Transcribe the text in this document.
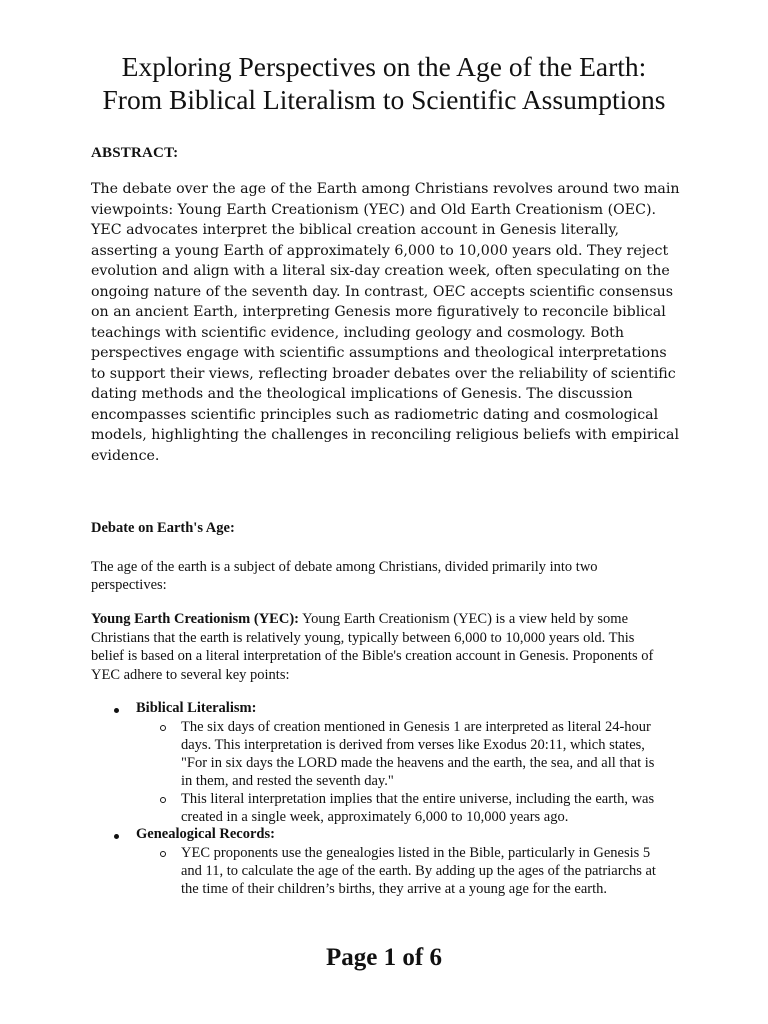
Exploring Perspectives on the Age of the Earth:
From Biblical Literalism to Scientific Assumptions
ABSTRACT:

The debate over the age of the Earth among Christians revolves around two main
viewpoints: Young Earth Creationism (YEC) and Old Earth Creationism (OEC).
YEC advocates interpret the biblical creation account in Genesis literally,
asserting a young Earth of approximately 6,000 to 10,000 years old. They reject
evolution and align with a literal six-day creation week, often speculating on the
ongoing nature of the seventh day. In contrast, OEC accepts scientific consensus
on an ancient Earth, interpreting Genesis more figuratively to reconcile biblical
teachings with scientific evidence, including geology and cosmology. Both
perspectives engage with scientific assumptions and theological interpretations
to support their views, reflecting broader debates over the reliability of scientific
dating methods and the theological implications of Genesis. The discussion
encompasses scientific principles such as radiometric dating and cosmological
models, highlighting the challenges in reconciling religious beliefs with empirical
evidence.

Debate on Earth's Age:

The age of the earth is a subject of debate among Christians, divided primarily into two
perspectives:

Young Earth Creationism (YEC): Young Earth Creationism (YEC) is a view held by some
Christians that the earth is relatively young, typically between 6,000 to 10,000 years old. This
belief is based on a literal interpretation of the Bible's creation account in Genesis. Proponents of
YEC adhere to several key points:

Biblical Literalism:
The six days of creation mentioned in Genesis 1 are interpreted as literal 24-hour
days. This interpretation is derived from verses like Exodus 20:11, which states,
"For in six days the LORD made the heavens and the earth, the sea, and all that is
in them, and rested the seventh day."
This literal interpretation implies that the entire universe, including the earth, was
created in a single week, approximately 6,000 to 10,000 years ago.
Genealogical Records:
YEC proponents use the genealogies listed in the Bible, particularly in Genesis 5
and 11, to calculate the age of the earth. By adding up the ages of the patriarchs at
the time of their children’s births, they arrive at a young age for the earth.
Page 1 of 6
